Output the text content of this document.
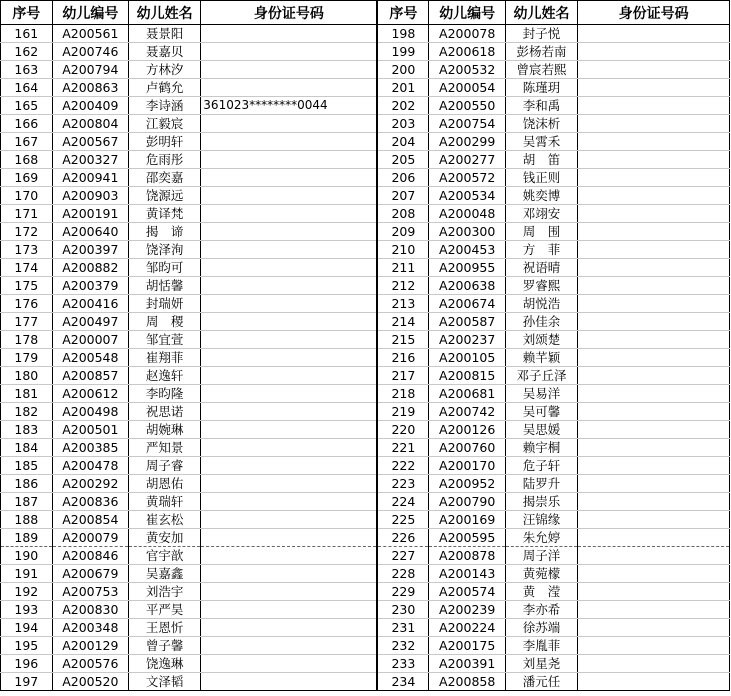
序号	幼儿编号	幼儿姓名	身份证号码	序号	幼儿编号	幼儿姓名	身份证号码
161	A200561	聂景阳		198	A200078	封子悦	
162	A200746	聂嘉贝		199	A200618	彭杨若南	
163	A200794	方林汐		200	A200532	曾宸若熙	
164	A200863	卢鹤允		201	A200054	陈瑾玥	
165	A200409	李诗涵	361023********0044	202	A200550	李和禹	
166	A200804	江毅宸		203	A200754	饶沫析	
167	A200567	彭明轩		204	A200299	吴霄禾	
168	A200327	危雨彤		205	A200277	胡　笛	
169	A200941	邵奕嘉		206	A200572	钱正则	
170	A200903	饶源远		207	A200534	姚奕博	
171	A200191	黄译梵		208	A200048	邓翊安	
172	A200640	揭　谛		209	A200300	周　围	
173	A200397	饶泽洵		210	A200453	方　菲	
174	A200882	邹昀可		211	A200955	祝语晴	
175	A200379	胡恬馨		212	A200638	罗睿熙	
176	A200416	封瑞妍		213	A200674	胡悦浩	
177	A200497	周　稷		214	A200587	孙佳余	
178	A200007	邹宜萱		215	A200237	刘颂楚	
179	A200548	崔翔菲		216	A200105	赖芊颖	
180	A200857	赵逸轩		217	A200815	邓子丘泽	
181	A200612	李昀隆		218	A200681	吴易洋	
182	A200498	祝思诺		219	A200742	吴可馨	
183	A200501	胡婉琳		220	A200126	吴思媛	
184	A200385	严知景		221	A200760	赖宇桐	
185	A200478	周子睿		222	A200170	危子轩	
186	A200292	胡恩佑		223	A200952	陆罗升	
187	A200836	黄瑞轩		224	A200790	揭崇乐	
188	A200854	崔玄松		225	A200169	汪锦缘	
189	A200079	黄安加		226	A200595	朱允婷	
190	A200846	官宇歆		227	A200878	周子洋	
191	A200679	吴嘉鑫		228	A200143	黄菀檬	
192	A200753	刘浩宇		229	A200574	黄　滢	
193	A200830	平严昊		230	A200239	李亦希	
194	A200348	王恩忻		231	A200224	徐苏端	
195	A200129	曾子馨		232	A200175	李胤菲	
196	A200576	饶逸琳		233	A200391	刘星尧	
197	A200520	文泽韬		234	A200858	潘元任	
